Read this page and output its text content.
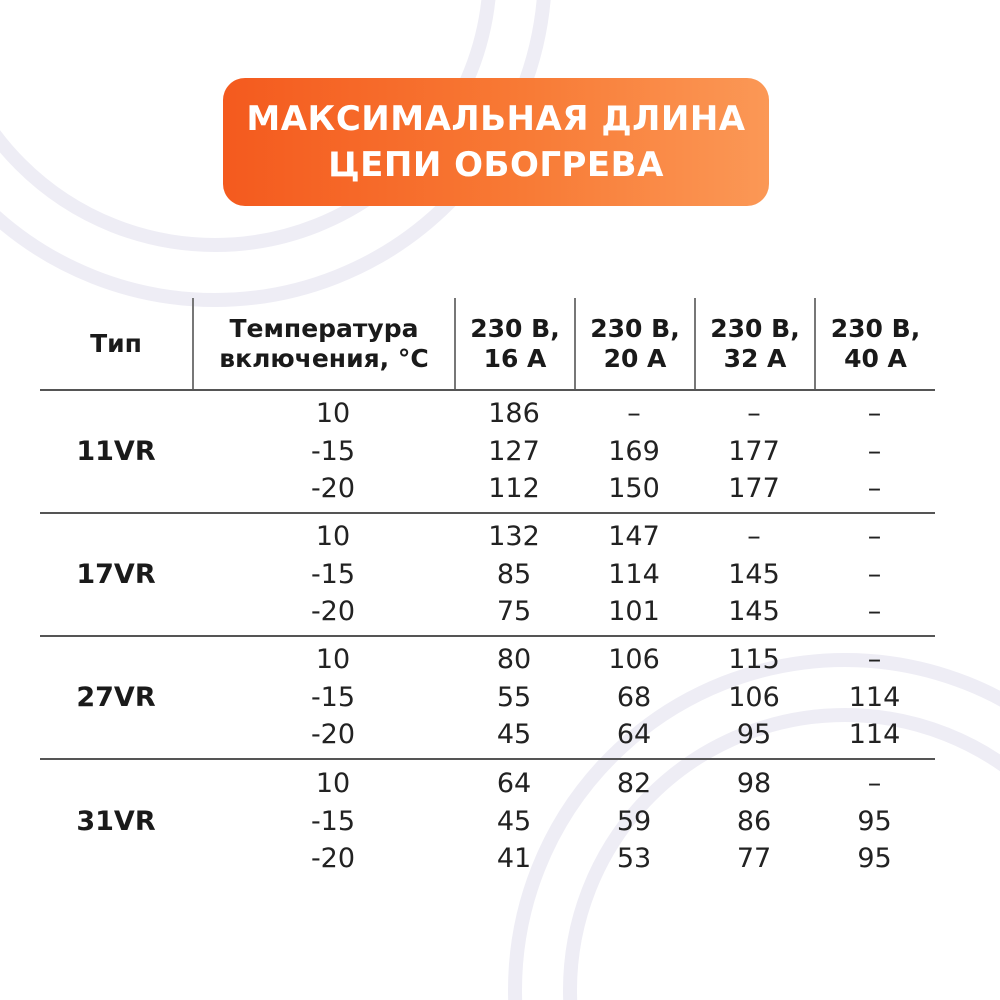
МАКСИМАЛЬНАЯ ДЛИНА
ЦЕПИ ОБОГРЕВА
Тип
Температура
включения, °C
230 В,
16 А
230 В,
20 А
230 В,
32 А
230 В,
40 А
11VR
10
-15
-20
186
127
112
–
169
150
–
177
177
–
–
–
17VR
10
-15
-20
132
85
75
147
114
101
–
145
145
–
–
–
27VR
10
-15
-20
80
55
45
106
68
64
115
106
95
–
114
114
31VR
10
-15
-20
64
45
41
82
59
53
98
86
77
–
95
95
